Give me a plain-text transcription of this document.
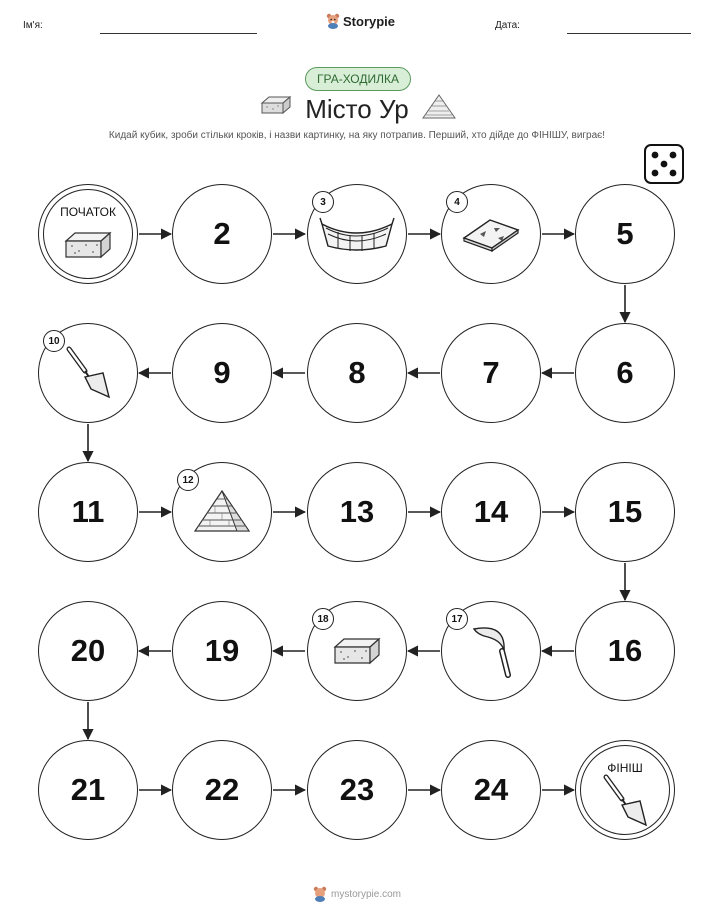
Ім'я:	Storypie	Дата:
ГРА-ХОДИЛКА
Місто Ур
Кидай кубик, зроби стільки кроків, і назви картинку, на яку потрапив. Перший, хто дійде до ФІНІШУ, виграє!
ПОЧАТОК
2
3	4
5
6
7
8
9
10
11
12
13	14	15
16
17
18
19
20
21	22	23	24
ФІНІШ
mystorypie.com
